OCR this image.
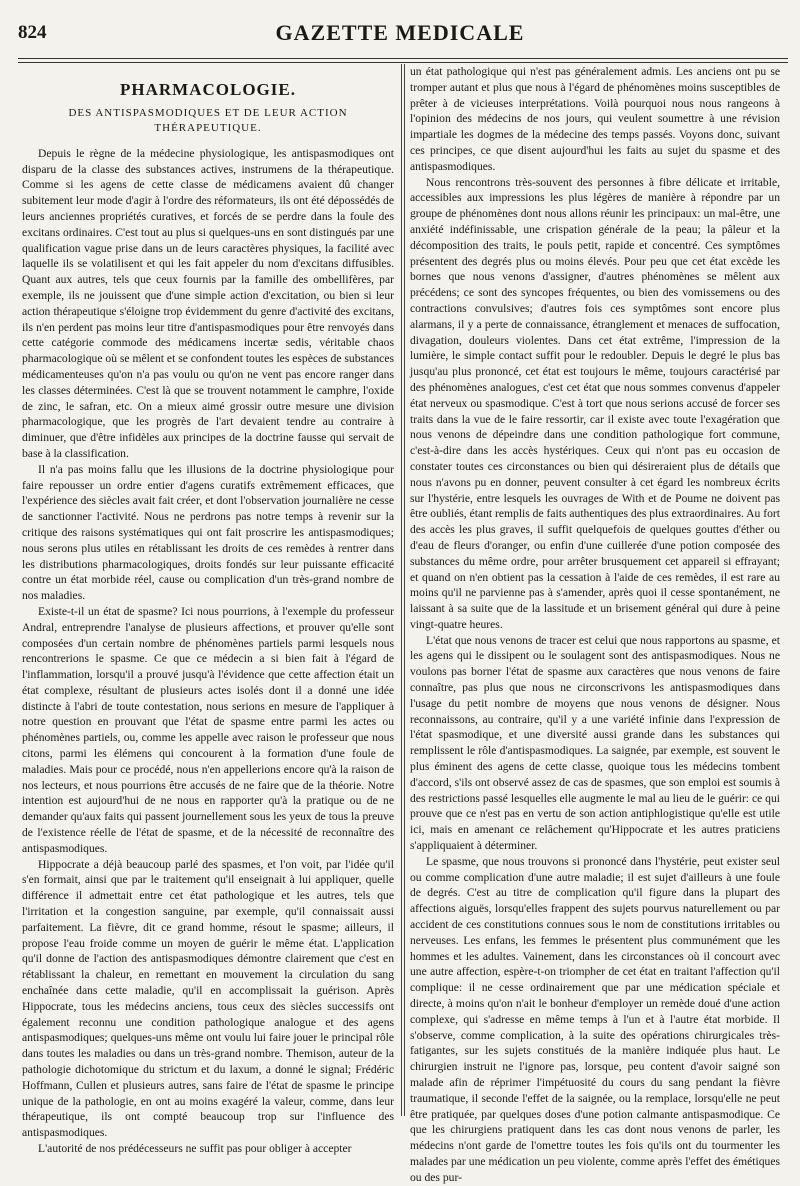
824	GAZETTE MEDICALE
PHARMACOLOGIE.
DES ANTISPASMODIQUES ET DE LEUR ACTION THÉRAPEUTIQUE.

Depuis le règne de la médecine physiologique, les antispasmodiques ont disparu de la classe des substances actives, instrumens de la thérapeutique. Comme si les agens de cette classe de médicamens avaient dû changer subitement leur mode d'agir à l'ordre des réformateurs, ils ont été dépossédés de leurs anciennes propriétés curatives, et forcés de se perdre dans la foule des excitans ordinaires. C'est tout au plus si quelques-uns en sont distingués par une qualification vague prise dans un de leurs caractères physiques, la facilité avec laquelle ils se volatilisent et qui les fait appeler du nom d'excitans diffusibles. Quant aux autres, tels que ceux fournis par la famille des ombellifères, par exemple, ils ne jouissent que d'une simple action d'excitation, ou bien si leur action thérapeutique s'éloigne trop évidemment du genre d'activité des excitans, ils n'en perdent pas moins leur titre d'antispasmodiques pour être renvoyés dans cette catégorie commode des médicamens incertæ sedis, véritable chaos pharmacologique où se mêlent et se confondent toutes les espèces de substances médicamenteuses qu'on n'a pas voulu ou qu'on ne vent pas encore ranger dans les classes déterminées. C'est là que se trouvent notamment le camphre, l'oxide de zinc, le safran, etc. On a mieux aimé grossir outre mesure une division pharmacologique, que les progrès de l'art devaient tendre au contraire à diminuer, que d'être infidèles aux principes de la doctrine fausse qui servait de base à la classification.

Il n'a pas moins fallu que les illusions de la doctrine physiologique pour faire repousser un ordre entier d'agens curatifs extrêmement efficaces, que l'expérience des siècles avait fait créer, et dont l'observation journalière ne cesse de sanctionner l'activité. Nous ne perdrons pas notre temps à revenir sur la critique des raisons systématiques qui ont fait proscrire les antispasmodiques; nous serons plus utiles en rétablissant les droits de ces remèdes à rentrer dans les distributions pharmacologiques, droits fondés sur leur puissante efficacité contre un état morbide réel, cause ou complication d'un très-grand nombre de nos maladies.

Existe-t-il un état de spasme? Ici nous pourrions, à l'exemple du professeur Andral, entreprendre l'analyse de plusieurs affections, et prouver qu'elle sont composées d'un certain nombre de phénomènes partiels parmi lesquels nous rencontrerions le spasme. Ce que ce médecin a si bien fait à l'égard de l'inflammation, lorsqu'il a prouvé jusqu'à l'évidence que cette affection était un état complexe, résultant de plusieurs actes isolés dont il a donné une idée distincte à l'abri de toute contestation, nous serions en mesure de l'appliquer à notre question en prouvant que l'état de spasme entre parmi les actes ou phénomènes partiels, ou, comme les appelle avec raison le professeur que nous citons, parmi les élémens qui concourent à la formation d'une foule de maladies. Mais pour ce procédé, nous n'en appellerions encore qu'à la raison de nos lecteurs, et nous pourrions être accusés de ne faire que de la théorie. Notre intention est aujourd'hui de ne nous en rapporter qu'à la pratique ou de ne demander qu'aux faits qui passent journellement sous les yeux de tous la preuve de l'existence réelle de l'état de spasme, et de la nécessité de reconnaître des antispasmodiques.

Hippocrate a déjà beaucoup parlé des spasmes, et l'on voit, par l'idée qu'il s'en formait, ainsi que par le traitement qu'il enseignait à lui appliquer, quelle différence il admettait entre cet état pathologique et les autres, tels que l'irritation et la congestion sanguine, par exemple, qu'il connaissait aussi parfaitement. La fièvre, dit ce grand homme, résout le spasme; ailleurs, il propose l'eau froide comme un moyen de guérir le même état. L'application qu'il donne de l'action des antispasmodiques démontre clairement que c'est en rétablissant la chaleur, en remettant en mouvement la circulation du sang enchaînée dans cette maladie, qu'il en accomplissait la guérison. Après Hippocrate, tous les médecins anciens, tous ceux des siècles successifs ont également reconnu une condition pathologique analogue et des agens antispasmodiques; quelques-uns même ont voulu lui faire jouer le principal rôle dans toutes les maladies ou dans un très-grand nombre. Themison, auteur de la pathologie dichotomique du strictum et du laxum, a donné le signal; Frédéric Hoffmann, Cullen et plusieurs autres, sans faire de l'état de spasme le principe unique de la pathologie, en ont au moins exagéré la valeur, comme, dans leur thérapeutique, ils ont compté beaucoup trop sur l'influence des antispasmodiques.

L'autorité de nos prédécesseurs ne suffit pas pour obliger à accepter

un état pathologique qui n'est pas généralement admis. Les anciens ont pu se tromper autant et plus que nous à l'égard de phénomènes moins susceptibles de prêter à de vicieuses interprétations. Voilà pourquoi nous nous rangeons à l'opinion des médecins de nos jours, qui veulent soumettre à une révision impartiale les dogmes de la médecine des temps passés. Voyons donc, suivant ces principes, ce que disent aujourd'hui les faits au sujet du spasme et des antispasmodiques.

Nous rencontrons très-souvent des personnes à fibre délicate et irritable, accessibles aux impressions les plus légères de manière à répondre par un groupe de phénomènes dont nous allons réunir les principaux: un mal-être, une anxiété indéfinissable, une crispation générale de la peau; la pâleur et la décomposition des traits, le pouls petit, rapide et concentré. Ces symptômes présentent des degrés plus ou moins élevés. Pour peu que cet état excède les bornes que nous venons d'assigner, d'autres phénomènes se mêlent aux précédens; ce sont des syncopes fréquentes, ou bien des vomissemens ou des contractions convulsives; d'autres fois ces symptômes sont encore plus alarmans, il y a perte de connaissance, étranglement et menaces de suffocation, divagation, douleurs violentes. Dans cet état extrême, l'impression de la lumière, le simple contact suffit pour le redoubler. Depuis le degré le plus bas jusqu'au plus prononcé, cet état est toujours le même, toujours caractérisé par des phénomènes analogues, c'est cet état que nous sommes convenus d'appeler état nerveux ou spasmodique. C'est à tort que nous serions accusé de forcer ses traits dans la vue de le faire ressortir, car il existe avec toute l'exagération que nous venons de dépeindre dans une condition pathologique fort commune, c'est-à-dire dans les accès hystériques. Ceux qui n'ont pas eu occasion de constater toutes ces circonstances ou bien qui désireraient plus de détails que nous n'avons pu en donner, peuvent consulter à cet égard les nombreux écrits sur l'hystérie, entre lesquels les ouvrages de With et de Poume ne doivent pas être oubliés, étant remplis de faits authentiques des plus extraordinaires. Au fort des accès les plus graves, il suffit quelquefois de quelques gouttes d'éther ou d'eau de fleurs d'oranger, ou enfin d'une cuillerée d'une potion composée des substances du même ordre, pour arrêter brusquement cet appareil si effrayant; et quand on n'en obtient pas la cessation à l'aide de ces remèdes, il est rare au moins qu'il ne parvienne pas à s'amender, après quoi il cesse spontanément, ne laissant à sa suite que de la lassitude et un brisement général qui dure à peine vingt-quatre heures.

L'état que nous venons de tracer est celui que nous rapportons au spasme, et les agens qui le dissipent ou le soulagent sont des antispasmodiques. Nous ne voulons pas borner l'état de spasme aux caractères que nous venons de faire connaître, pas plus que nous ne circonscrivons les antispasmodiques dans l'usage du petit nombre de moyens que nous venons de désigner. Nous reconnaissons, au contraire, qu'il y a une variété infinie dans l'expression de l'état spasmodique, et une diversité aussi grande dans les substances qui remplissent le rôle d'antispasmodiques. La saignée, par exemple, est souvent le plus éminent des agens de cette classe, quoique tous les médecins tombent d'accord, s'ils ont observé assez de cas de spasmes, que son emploi est soumis à des restrictions passé lesquelles elle augmente le mal au lieu de le guérir: ce qui prouve que ce n'est pas en vertu de son action antiphlogistique qu'elle est utile ici, mais en amenant ce relâchement qu'Hippocrate et les autres praticiens s'appliquaient à déterminer.

Le spasme, que nous trouvons si prononcé dans l'hystérie, peut exister seul ou comme complication d'une autre maladie; il est sujet d'ailleurs à une foule de degrés. C'est au titre de complication qu'il figure dans la plupart des affections aiguës, lorsqu'elles frappent des sujets pourvus naturellement ou par accident de ces constitutions connues sous le nom de constitutions irritables ou nerveuses. Les enfans, les femmes le présentent plus communément que les hommes et les adultes. Vainement, dans les circonstances où il concourt avec une autre affection, espère-t-on triompher de cet état en traitant l'affection qu'il complique: il ne cesse ordinairement que par une médication spéciale et directe, à moins qu'on n'ait le bonheur d'employer un remède doué d'une action complexe, qui s'adresse en même temps à l'un et à l'autre état morbide. Il s'observe, comme complication, à la suite des opérations chirurgicales très-fatigantes, sur les sujets constitués de la manière indiquée plus haut. Le chirurgien instruit ne l'ignore pas, lorsque, peu content d'avoir saigné son malade afin de réprimer l'impétuosité du cours du sang pendant la fièvre traumatique, il seconde l'effet de la saignée, ou la remplace, lorsqu'elle ne peut être pratiquée, par quelques doses d'une potion calmante antispasmodique. Ce que les chirurgiens pratiquent dans les cas dont nous venons de parler, les médecins n'ont garde de l'omettre toutes les fois qu'ils ont du tourmenter les malades par une médication un peu violente, comme après l'effet des émétiques ou des pur-
